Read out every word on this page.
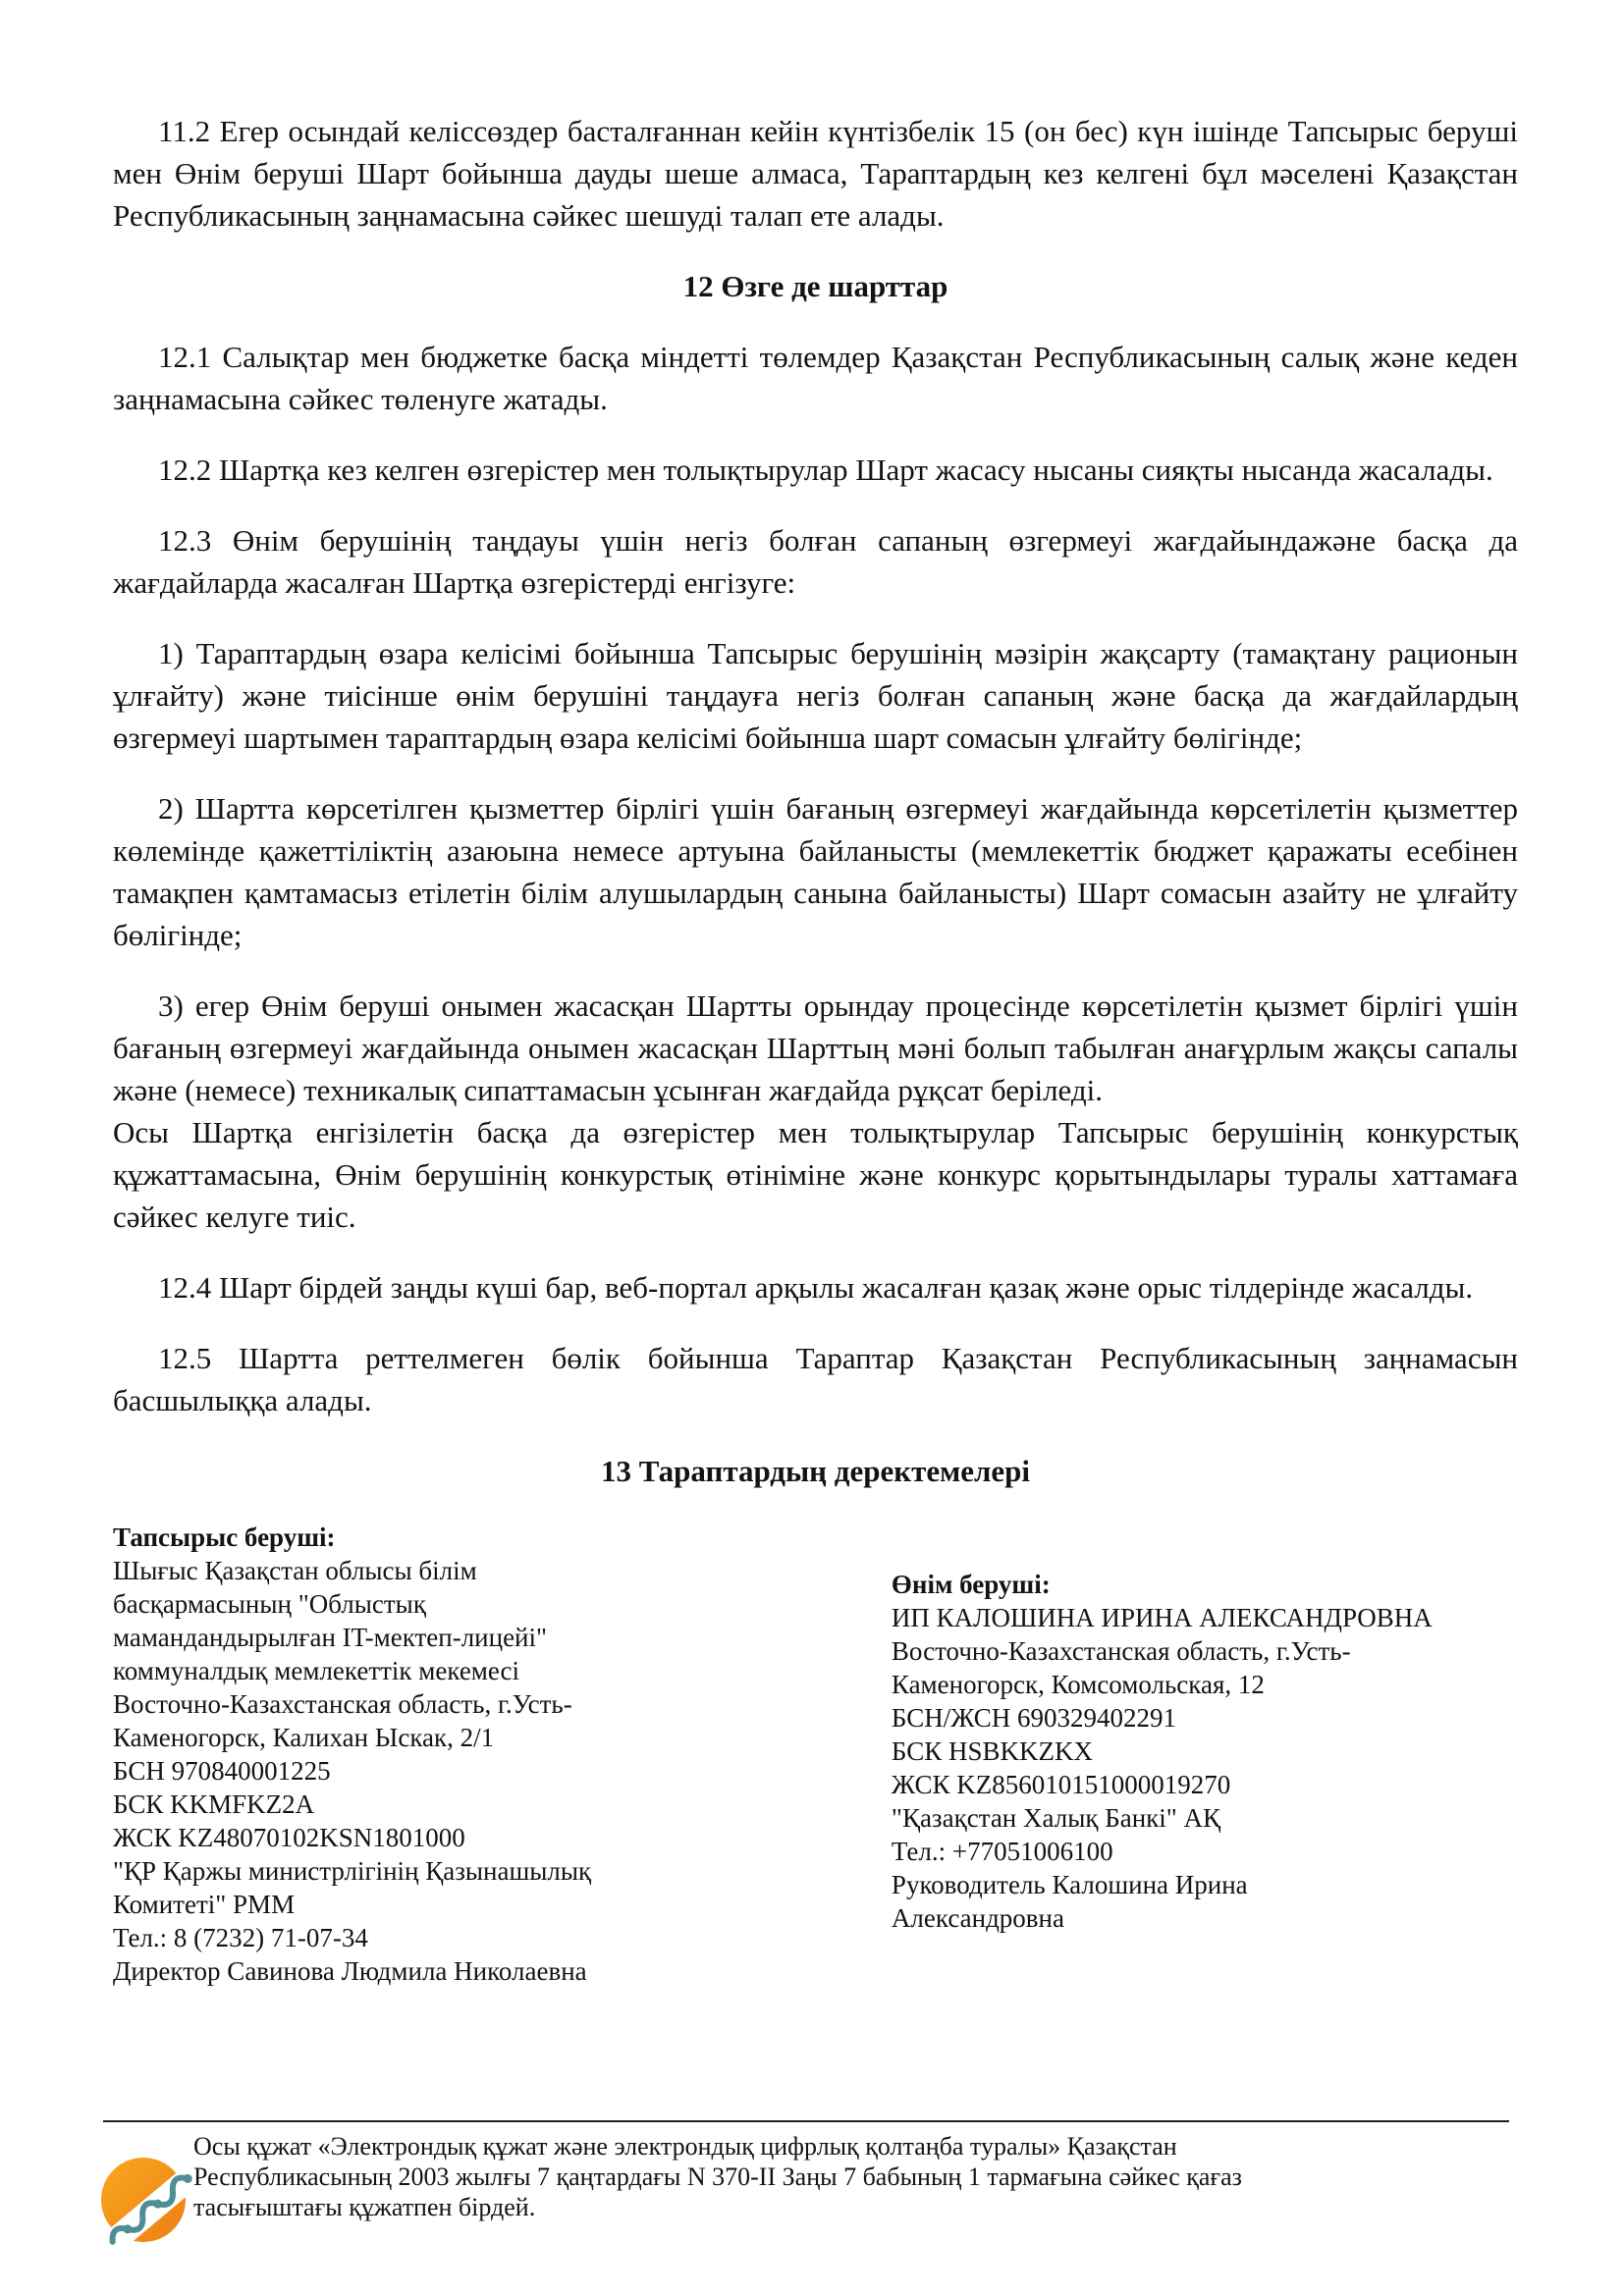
11.2 Егер осындай келіссөздер басталғаннан кейін күнтізбелік 15 (он бес) күн ішінде Тапсырыс беруші мен Өнім беруші Шарт бойынша дауды шеше алмаса, Тараптардың кез келгені бұл мәселені Қазақстан Республикасының заңнамасына сәйкес шешуді талап ете алады.

12 Өзге де шарттар

12.1 Салықтар мен бюджетке басқа міндетті төлемдер Қазақстан Республикасының салық және кеден заңнамасына сәйкес төленуге жатады.

12.2 Шартқа кез келген өзгерістер мен толықтырулар Шарт жасасу нысаны сияқты нысанда жасалады.

12.3 Өнім берушінің таңдауы үшін негіз болған сапаның өзгермеуі жағдайындажәне басқа да жағдайларда жасалған Шартқа өзгерістерді енгізуге:

1) Тараптардың өзара келісімі бойынша Тапсырыс берушінің мәзірін жақсарту (тамақтану рационын ұлғайту) және тиісінше өнім берушіні таңдауға негіз болған сапаның және басқа да жағдайлардың өзгермеуі шартымен тараптардың өзара келісімі бойынша шарт сомасын ұлғайту бөлігінде;

2) Шартта көрсетілген қызметтер бірлігі үшін бағаның өзгермеуі жағдайында көрсетілетін қызметтер көлемінде қажеттіліктің азаюына немесе артуына байланысты (мемлекеттік бюджет қаражаты есебінен тамақпен қамтамасыз етілетін білім алушылардың санына байланысты) Шарт сомасын азайту не ұлғайту бөлігінде;

3) егер Өнім беруші онымен жасасқан Шартты орындау процесінде көрсетілетін қызмет бірлігі үшін бағаның өзгермеуі жағдайында онымен жасасқан Шарттың мәні болып табылған анағұрлым жақсы сапалы және (немесе) техникалық сипаттамасын ұсынған жағдайда рұқсат беріледі.

Осы Шартқа енгізілетін басқа да өзгерістер мен толықтырулар Тапсырыс берушінің конкурстық құжаттамасына, Өнім берушінің конкурстық өтініміне және конкурс қорытындылары туралы хаттамаға сәйкес келуге тиіс.

12.4 Шарт бірдей заңды күші бар, веб-портал арқылы жасалған қазақ және орыс тілдерінде жасалды.

12.5 Шартта реттелмеген бөлік бойынша Тараптар Қазақстан Республикасының заңнамасын басшылыққа алады.

13 Тараптардың деректемелері

Тапсырыс беруші:
Шығыс Қазақстан облысы білім
басқармасының "Облыстық
мамандандырылған IT-мектеп-лицейі"
коммуналдық мемлекеттік мекемесі
Восточно-Казахстанская область, г.Усть-
Каменогорск, Калихан Ыскак, 2/1
БСН 970840001225
БСК KKMFKZ2A
ЖСК KZ48070102KSN1801000
"ҚР Қаржы министрлігінің Қазынашылық
Комитеті" РММ
Тел.: 8 (7232) 71-07-34
Директор Савинова Людмила Николаевна
Өнім беруші:
ИП КАЛОШИНА ИРИНА АЛЕКСАНДРОВНА
Восточно-Казахстанская область, г.Усть-
Каменогорск, Комсомольская, 12
БСН/ЖСН 690329402291
БСК HSBKKZKX
ЖСК KZ856010151000019270
"Қазақстан Халық Банкі" АҚ
Тел.: +77051006100
Руководитель Калошина Ирина
Александровна
Осы құжат «Электрондық құжат және электрондық цифрлық қолтаңба туралы» Қазақстан
Республикасының 2003 жылғы 7 қаңтардағы N 370-II Заңы 7 бабының 1 тармағына сәйкес қағаз
тасығыштағы құжатпен бірдей.
